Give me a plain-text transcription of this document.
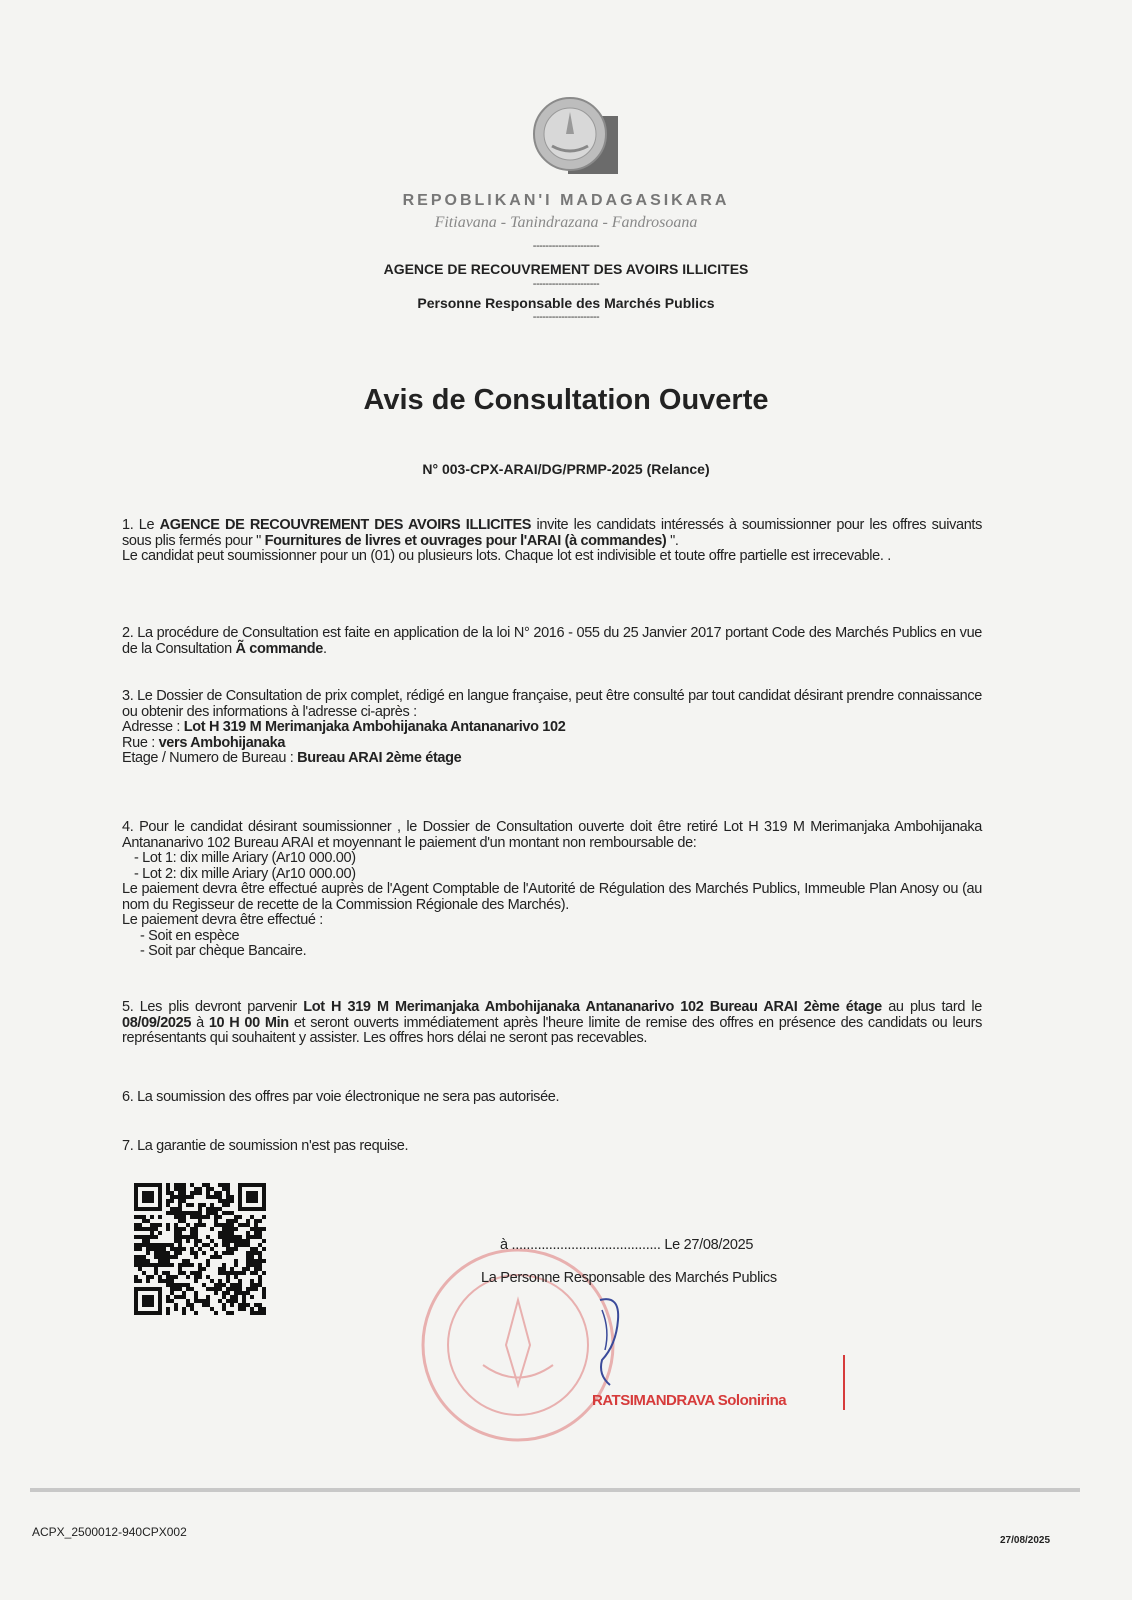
REPOBLIKAN'I MADAGASIKARA
Fitiavana - Tanindrazana - Fandrosoana
---------------------
AGENCE DE RECOUVREMENT DES AVOIRS ILLICITES
---------------------
Personne Responsable des Marchés Publics
---------------------
Avis de Consultation Ouverte
N° 003-CPX-ARAI/DG/PRMP-2025 (Relance)

1. Le AGENCE DE RECOUVREMENT DES AVOIRS ILLICITES invite les candidats intéressés à soumissionner pour les offres suivants sous plis fermés pour " Fournitures de livres et ouvrages pour l'ARAI (à commandes) ".

Le candidat peut soumissionner pour un (01) ou plusieurs lots. Chaque lot est indivisible et toute offre partielle est irrecevable. .

2. La procédure de Consultation est faite en application de la loi N° 2016 - 055 du 25 Janvier 2017 portant Code des Marchés Publics en vue de la Consultation Ã commande.

3. Le Dossier de Consultation de prix complet, rédigé en langue française, peut être consulté par tout candidat désirant prendre connaissance ou obtenir des informations à l'adresse ci-après :

Adresse : Lot H 319 M Merimanjaka Ambohijanaka Antananarivo 102

Rue : vers Ambohijanaka

Etage / Numero de Bureau : Bureau ARAI 2ème étage

4. Pour le candidat désirant soumissionner , le Dossier de Consultation ouverte doit être retiré Lot H 319 M Merimanjaka Ambohijanaka Antananarivo 102 Bureau ARAI et moyennant le paiement d'un montant non remboursable de:

- Lot 1: dix mille Ariary (Ar10 000.00)

- Lot 2: dix mille Ariary (Ar10 000.00)

Le paiement devra être effectué auprès de l'Agent Comptable de l'Autorité de Régulation des Marchés Publics, Immeuble Plan Anosy ou (au nom du Regisseur de recette de la Commission Régionale des Marchés).

Le paiement devra être effectué :

- Soit en espèce

- Soit par chèque Bancaire.

5. Les plis devront parvenir Lot H 319 M Merimanjaka Ambohijanaka Antananarivo 102 Bureau ARAI 2ème étage au plus tard le 08/09/2025 à 10 H 00 Min et seront ouverts immédiatement après l'heure limite de remise des offres en présence des candidats ou leurs représentants qui souhaitent y assister. Les offres hors délai ne seront pas recevables.

6. La soumission des offres par voie électronique ne sera pas autorisée.
7. La garantie de soumission n'est pas requise.
à ........................................ Le 27/08/2025
La Personne Responsable des Marchés Publics
RATSIMANDRAVA Solonirina
ACPX_2500012-940CPX002
27/08/2025
